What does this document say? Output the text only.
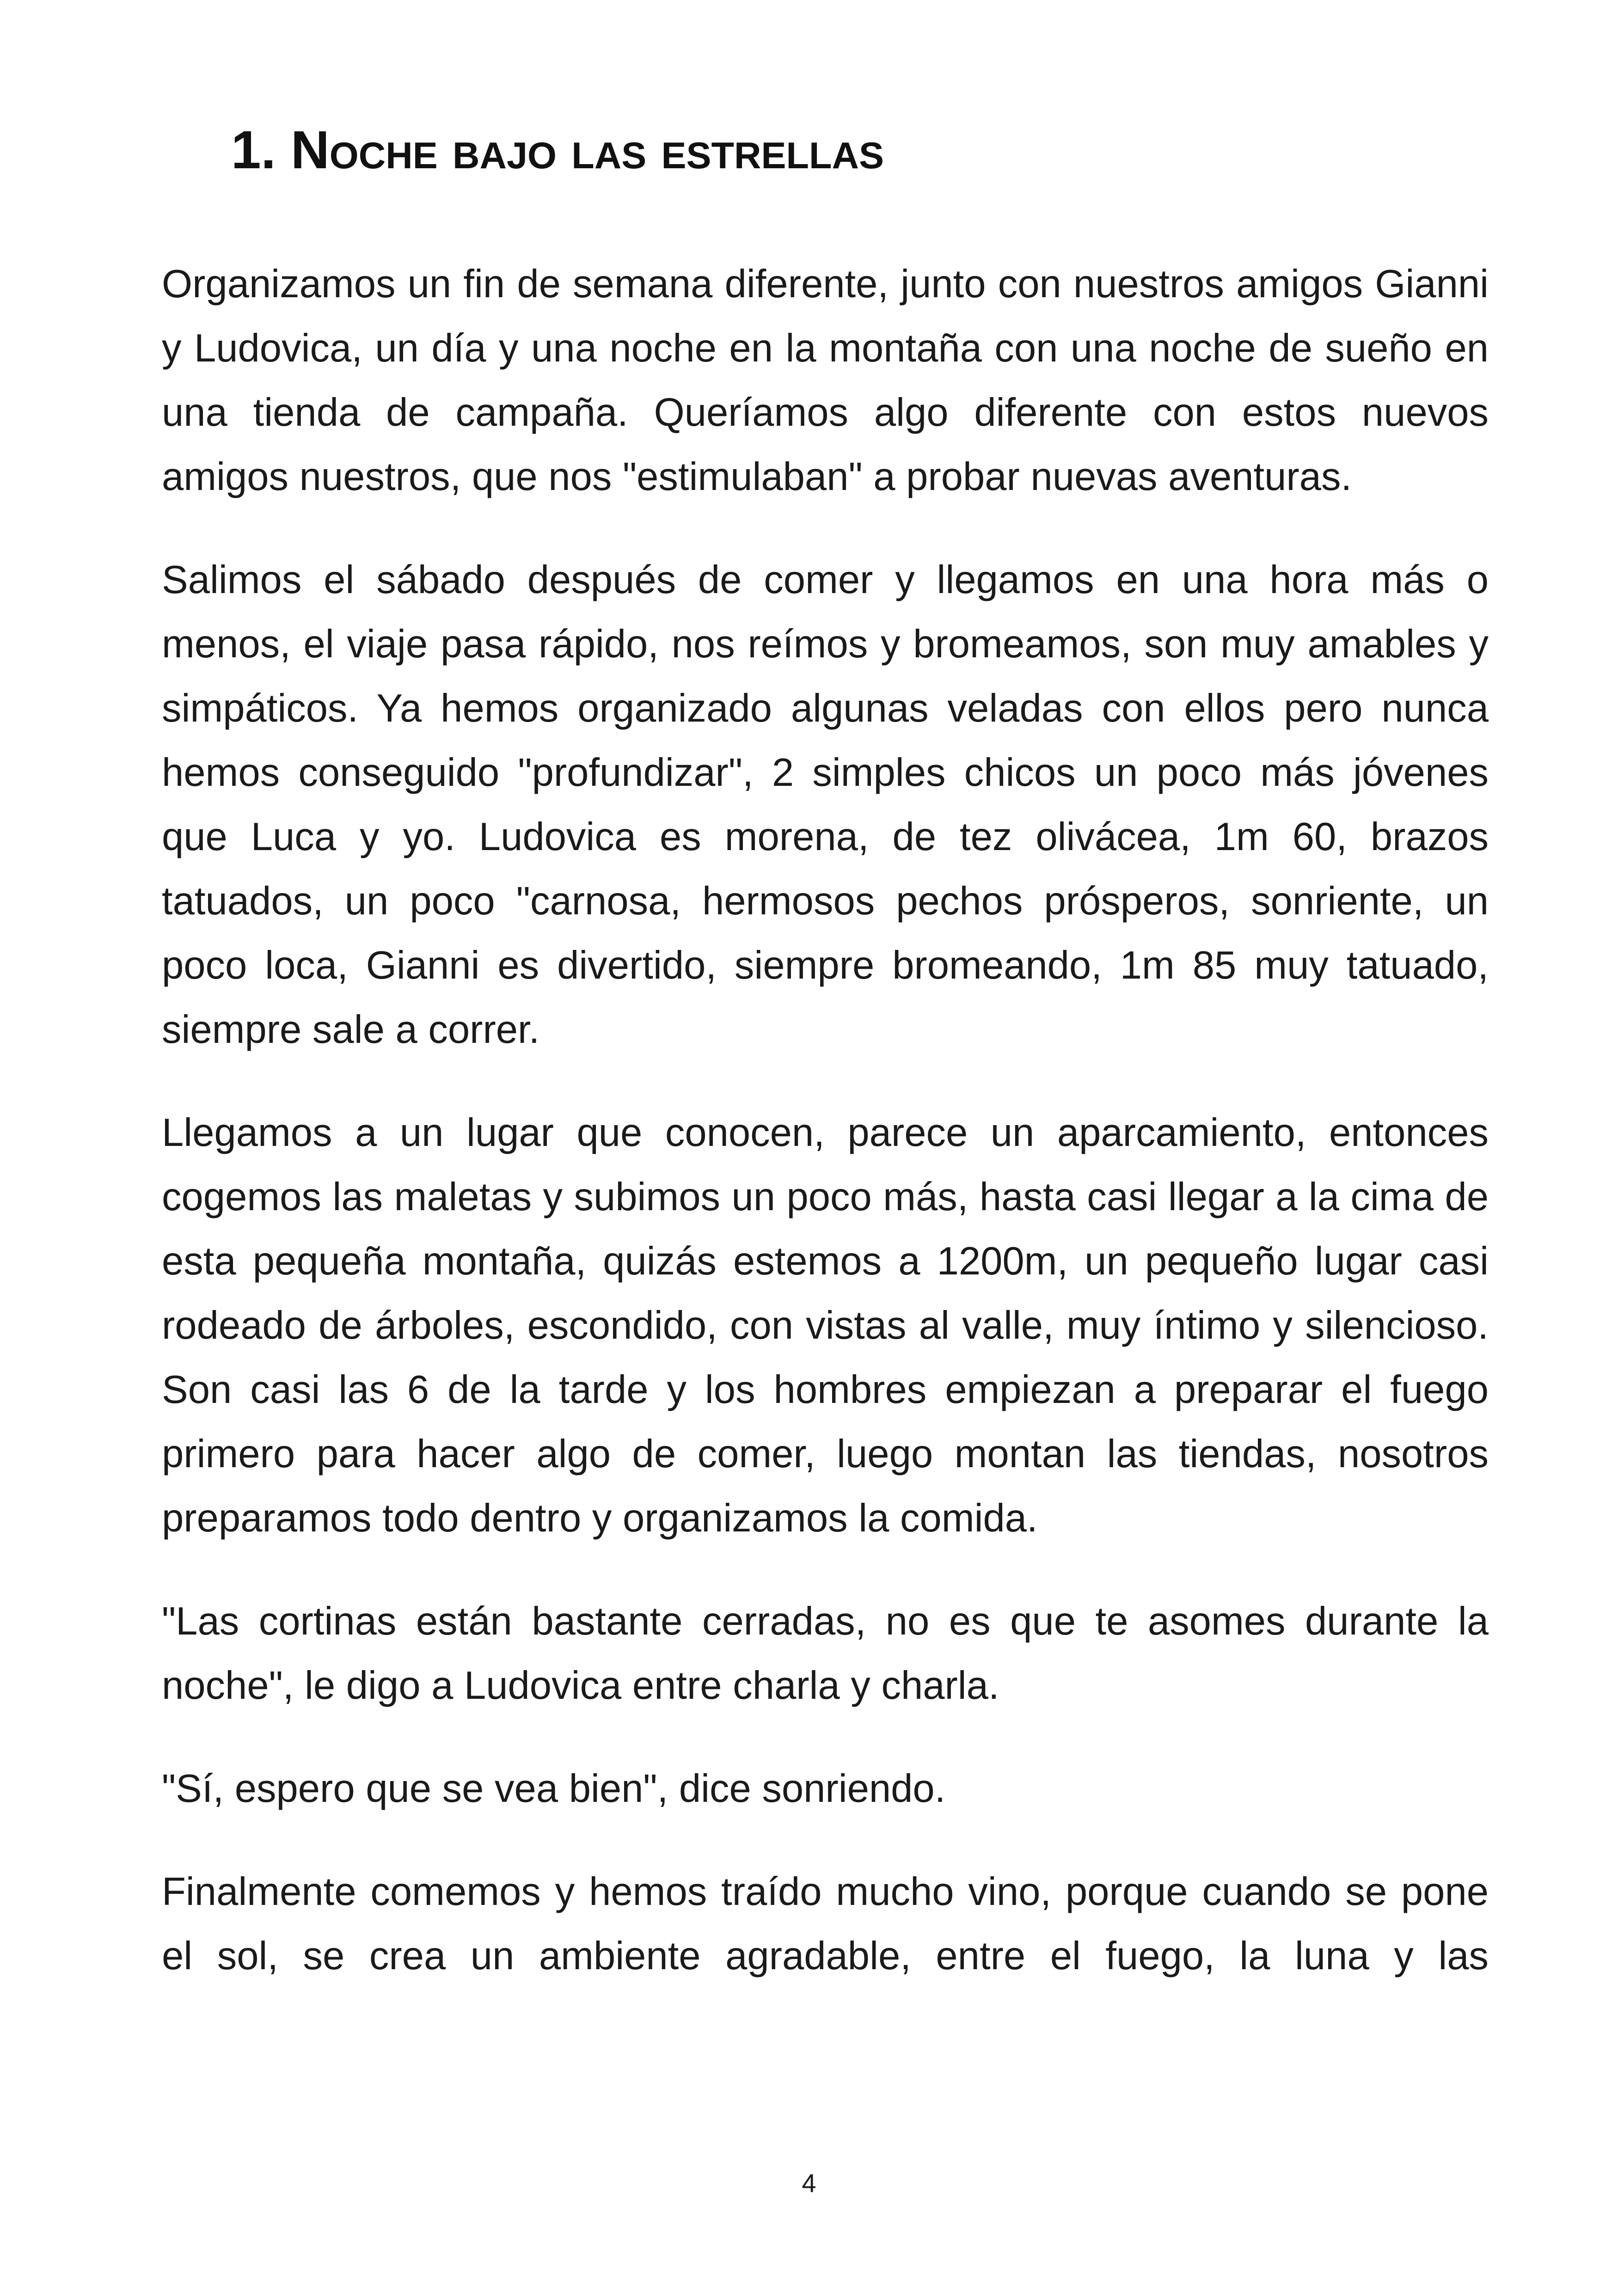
1. Noche bajo las estrellas

Organizamos un fin de semana diferente, junto con nuestros amigos Gianni y Ludovica, un día y una noche en la montaña con una noche de sueño en una tienda de campaña. Queríamos algo diferente con estos nuevos amigos nuestros, que nos "estimulaban" a probar nuevas aventuras.

Salimos el sábado después de comer y llegamos en una hora más o menos, el viaje pasa rápido, nos reímos y bromeamos, son muy amables y simpáticos. Ya hemos organizado algunas veladas con ellos pero nunca hemos conseguido "profundizar", 2 simples chicos un poco más jóvenes que Luca y yo. Ludovica es morena, de tez olivácea, 1m 60, brazos tatuados, un poco "carnosa, hermosos pechos prósperos, sonriente, un poco loca, Gianni es divertido, siempre bromeando, 1m 85 muy tatuado, siempre sale a correr.

Llegamos a un lugar que conocen, parece un aparcamiento, entonces cogemos las maletas y subimos un poco más, hasta casi llegar a la cima de esta pequeña montaña, quizás estemos a 1200m, un pequeño lugar casi rodeado de árboles, escondido, con vistas al valle, muy íntimo y silencioso. Son casi las 6 de la tarde y los hombres empiezan a preparar el fuego primero para hacer algo de comer, luego montan las tiendas, nosotros preparamos todo dentro y organizamos la comida.

"Las cortinas están bastante cerradas, no es que te asomes durante la noche", le digo a Ludovica entre charla y charla.

"Sí, espero que se vea bien", dice sonriendo.

Finalmente comemos y hemos traído mucho vino, porque cuando se pone el sol, se crea un ambiente agradable, entre el fuego, la luna y las

4
